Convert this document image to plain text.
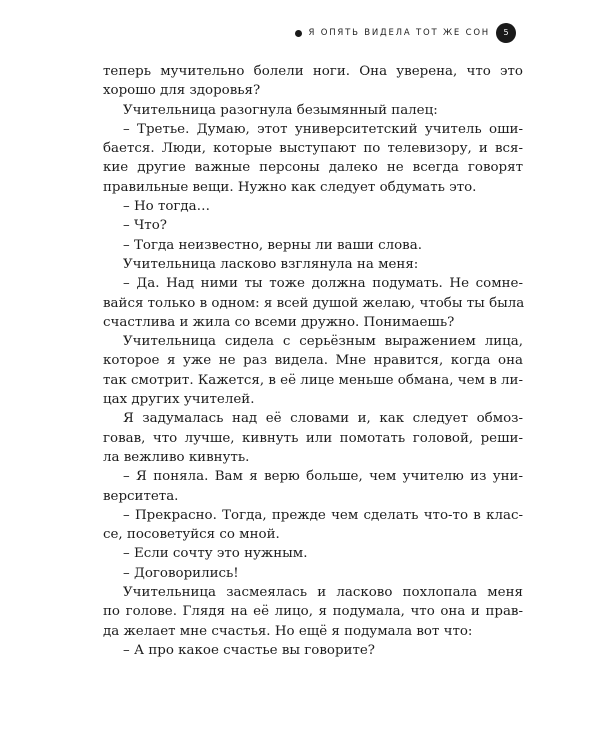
Я ОПЯТЬ ВИДЕЛА ТОТ ЖЕ СОН	5
теперь мучительно болели ноги. Она уверена, что это
хорошо для здоровья?
Учительница разогнула безымянный палец:
– Третье. Думаю, этот университетский учитель оши-
бается. Люди, которые выступают по телевизору, и вся-
кие другие важные персоны далеко не всегда говорят
правильные вещи. Нужно как следует обдумать это.
– Но тогда…
– Что?
– Тогда неизвестно, верны ли ваши слова.
Учительница ласково взглянула на меня:
– Да. Над ними ты тоже должна подумать. Не сомне-
вайся только в одном: я всей душой желаю, чтобы ты была
счастлива и жила со всеми дружно. Понимаешь?
Учительница сидела с серьёзным выражением лица,
которое я уже не раз видела. Мне нравится, когда она
так смотрит. Кажется, в её лице меньше обмана, чем в ли-
цах других учителей.
Я задумалась над её словами и, как следует обмоз-
говав, что лучше, кивнуть или помотать головой, реши-
ла вежливо кивнуть.
– Я поняла. Вам я верю больше, чем учителю из уни-
верситета.
– Прекрасно. Тогда, прежде чем сделать что-то в клас-
се, посоветуйся со мной.
– Если сочту это нужным.
– Договорились!
Учительница засмеялась и ласково похлопала меня
по голове. Глядя на её лицо, я подумала, что она и прав-
да желает мне счастья. Но ещё я подумала вот что:
– А про какое счастье вы говорите?
